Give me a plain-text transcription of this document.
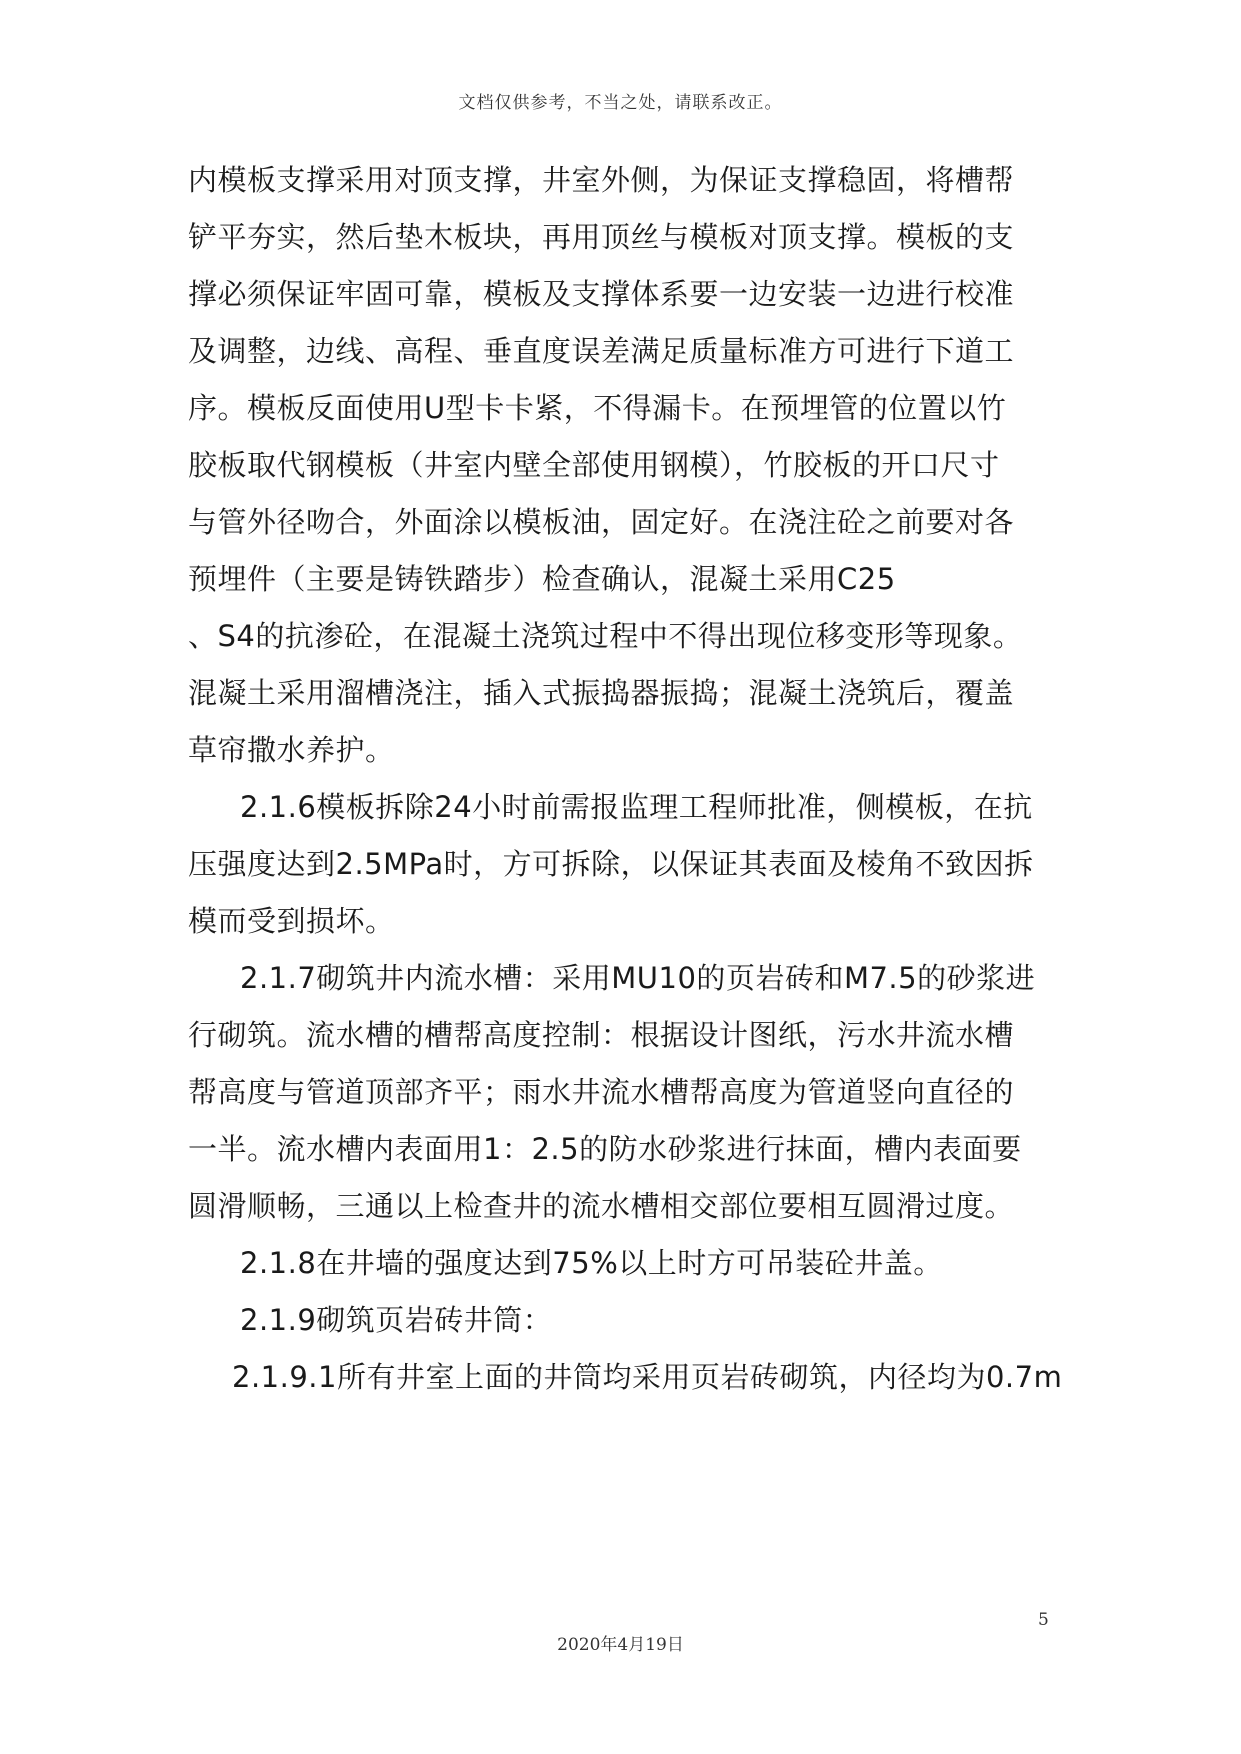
文档仅供参考，不当之处，请联系改正。
内模板支撑采用对顶支撑，井室外侧，为保证支撑稳固，将槽帮
铲平夯实，然后垫木板块，再用顶丝与模板对顶支撑。模板的支
撑必须保证牢固可靠，模板及支撑体系要一边安装一边进行校准
及调整，边线、高程、垂直度误差满足质量标准方可进行下道工
序。模板反面使用U型卡卡紧，不得漏卡。在预埋管的位置以竹
胶板取代钢模板（井室内壁全部使用钢模），竹胶板的开口尺寸
与管外径吻合，外面涂以模板油，固定好。在浇注砼之前要对各
预埋件（主要是铸铁踏步）检查确认，混凝土采用C25
、S4的抗渗砼，在混凝土浇筑过程中不得出现位移变形等现象。
混凝土采用溜槽浇注，插入式振捣器振捣；混凝土浇筑后，覆盖
草帘撒水养护。
2.1.6模板拆除24小时前需报监理工程师批准，侧模板，在抗
压强度达到2.5MPa时，方可拆除，以保证其表面及棱角不致因拆
模而受到损坏。
2.1.7砌筑井内流水槽：采用MU10的页岩砖和M7.5的砂浆进
行砌筑。流水槽的槽帮高度控制：根据设计图纸，污水井流水槽
帮高度与管道顶部齐平；雨水井流水槽帮高度为管道竖向直径的
一半。流水槽内表面用1：2.5的防水砂浆进行抹面，槽内表面要
圆滑顺畅，三通以上检查井的流水槽相交部位要相互圆滑过度。
2.1.8在井墙的强度达到75%以上时方可吊装砼井盖。
2.1.9砌筑页岩砖井筒：
2.1.9.1所有井室上面的井筒均采用页岩砖砌筑，内径均为0.7m
5
2020年4月19日
